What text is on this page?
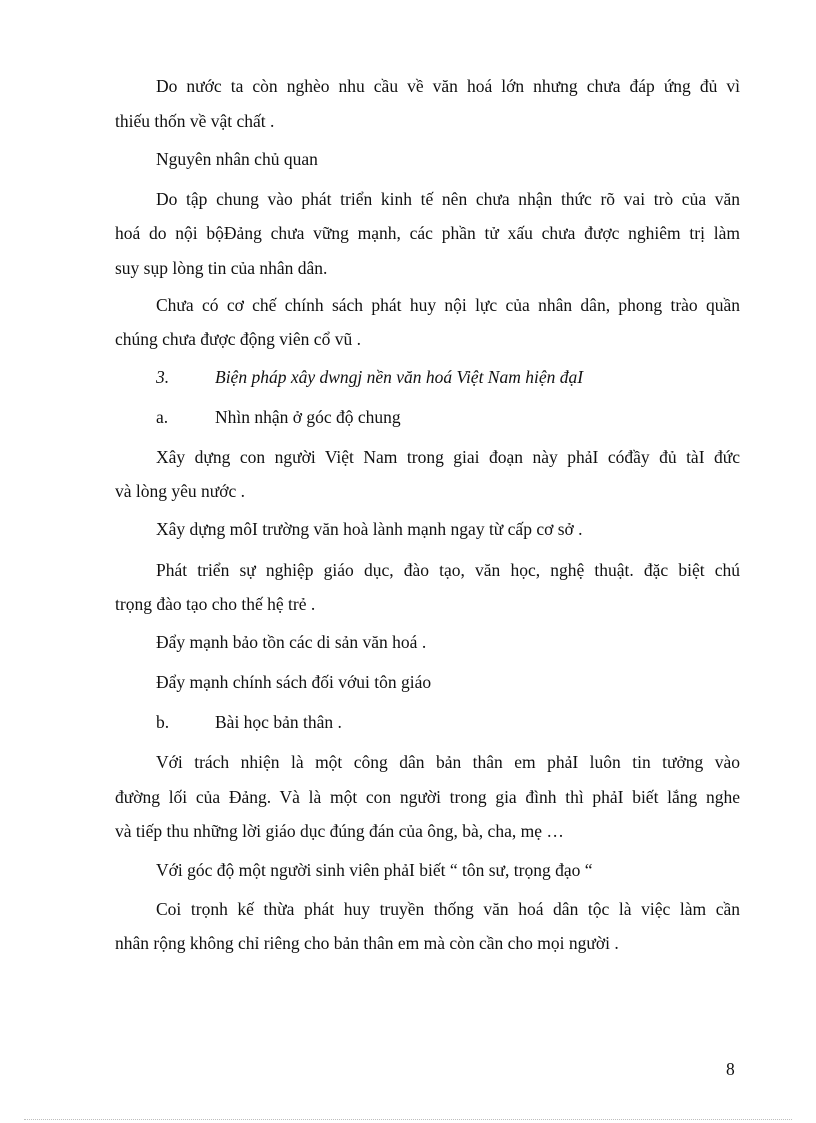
Do nước ta còn nghèo nhu cầu về văn hoá lớn nhưng chưa đáp ứng đủ vì
thiếu thốn về vật chất .
Nguyên nhân chủ quan
Do tập chung vào phát triển kinh tế nên chưa nhận thức rõ vai trò của văn
hoá do nội bộĐảng chưa vững mạnh, các phần tử xấu chưa được nghiêm trị làm
suy sụp lòng tin của nhân dân.
Chưa có cơ chế chính sách phát huy nội lực của nhân dân, phong trào quần
chúng chưa được động viên cổ vũ .
3.	Biện pháp xây dwngj nền văn hoá Việt Nam hiện đạI
a.	Nhìn nhận ở góc độ chung
Xây dựng con người Việt Nam trong giai đoạn này phảI cóđầy đủ tàI đức
và lòng yêu nước .
Xây dựng môI trường văn hoà lành mạnh ngay từ cấp cơ sở .
Phát triển sự nghiệp giáo dục, đào tạo, văn học, nghệ thuật. đặc biệt chú
trọng đào tạo cho thế hệ trẻ .
Đẩy mạnh bảo tồn các di sản văn hoá .
Đẩy mạnh chính sách đối vớui tôn giáo
b.	Bài học bản thân .
Với trách nhiện là một công dân bản thân em phảI luôn tin tưởng vào
đường lối của Đảng. Và là một con người trong gia đình thì phảI biết lắng nghe
và tiếp thu những lời giáo dục đúng đán của ông, bà, cha, mẹ …
Với góc độ một người sinh viên phảI biết “ tôn sư, trọng đạo “
Coi trọnh kế thừa phát huy truyền thống văn hoá dân tộc là việc làm cần
nhân rộng không chỉ riêng cho bản thân em mà còn cần cho mọi người .
8
